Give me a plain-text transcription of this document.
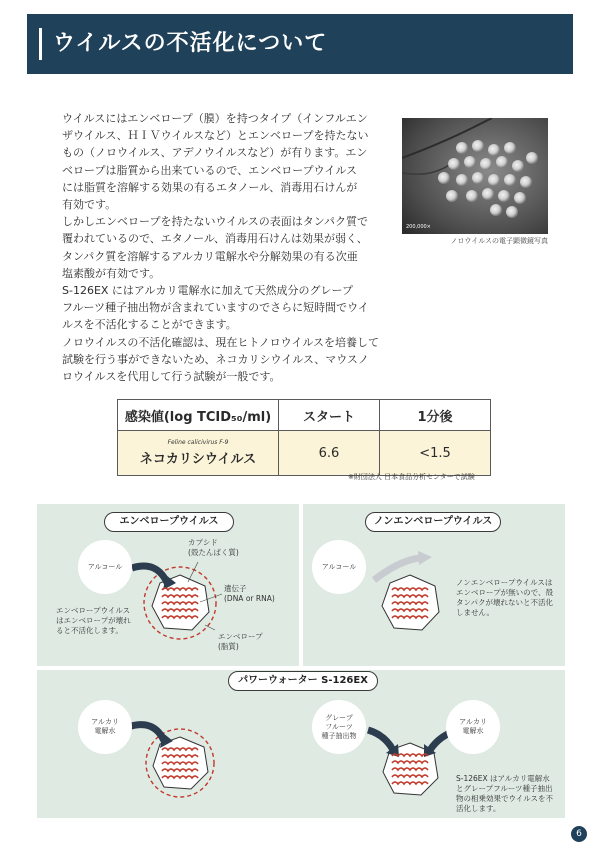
ウイルスの不活化について

ウイルスにはエンベロープ（膜）を持つタイプ（インフルエン

ザウイルス、ＨＩＶウイルスなど）とエンベロープを持たない

もの（ノロウイルス、アデノウイルスなど）が有ります。エン

ベロープは脂質から出来ているので、エンベロープウイルス

には脂質を溶解する効果の有るエタノール、消毒用石けんが

有効です。

しかしエンベロープを持たないウイルスの表面はタンパク質で

覆われているので、エタノール、消毒用石けんは効果が弱く、

タンパク質を溶解するアルカリ電解水や分解効果の有る次亜

塩素酸が有効です。

S-126EX にはアルカリ電解水に加えて天然成分のグレープ

フルーツ種子抽出物が含まれていますのでさらに短時間でウイ

ルスを不活化することができます。

ノロウイルスの不活化確認は、現在ヒトノロウイルスを培養して

試験を行う事ができないため、ネコカリシウイルス、マウスノ

ロウイルスを代用して行う試験が一般です。

200,000×
ノロウイルスの電子顕微鏡写真
感染値(log TCID₅₀/ml)	スタート	1分後

Feline calicivirus F-9
ネコカリシウイルス	6.6	<1.5
※財団法人 日本食品分析センターで試験
エンベロープウイルス
アルコール
カプシド
(殻たんぱく質)
遺伝子
(DNA or RNA)
エンベロープ
(脂質)
エンベロープウイルス
はエンベロープが壊れ
ると不活化します。
ノンエンベロープウイルス
アルコール
ノンエンベロープウイルスは
エンベロープが無いので、殻
タンパクが壊れないと不活化
しません。
パワーウォーター S-126EX
アルカリ
電解水
グレープ
フルーツ
種子抽出物
アルカリ
電解水
S-126EX はアルカリ電解水
とグレープフルーツ種子抽出
物の相乗効果でウイルスを不
活化します。
6
